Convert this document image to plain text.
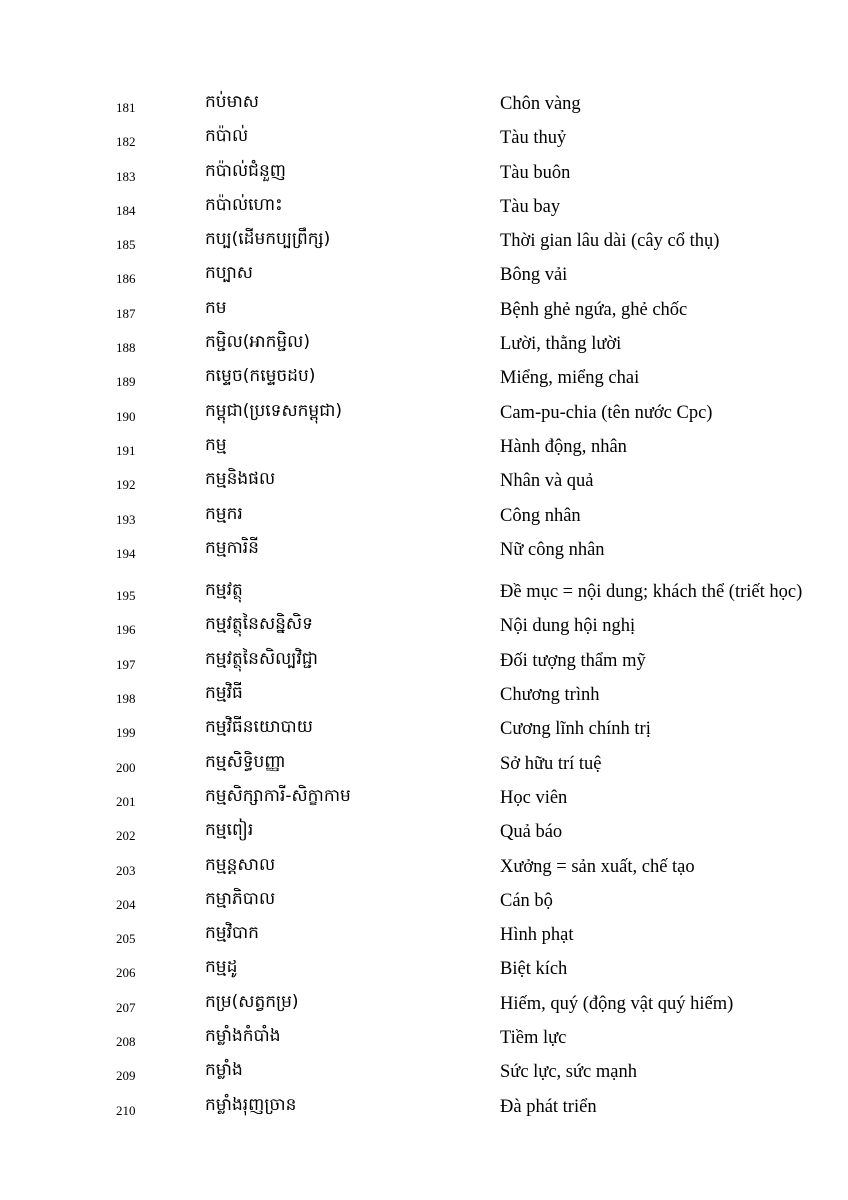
181	កប់មាស	Chôn vàng
182	កប៉ាល់	Tàu thuỷ
183	កប៉ាល់ជំនួញ	Tàu buôn
184	កប៉ាល់ហោះ	Tàu bay
185	កប្ប(ដើមកប្បព្រឹក្ស)	Thời gian lâu dài (cây cổ thụ)
186	កប្បាស	Bông vải
187	កម	Bệnh ghẻ ngứa, ghẻ chốc
188	កម្ជិល(អាកម្ជិល)	Lười, thằng lười
189	កម្ទេច(កម្ទេចដប)	Miểng, miểng chai
190	កម្ពុជា(ប្រទេសកម្ពុជា)	Cam-pu-chia (tên nước Cpc)
191	កម្ម	Hành động, nhân
192	កម្មនិងផល	Nhân và quả
193	កម្មករ	Công nhân
194	កម្មការិនី	Nữ công nhân
195	កម្មវត្ថុ	Đề mục = nội dung; khách thể (triết học)
196	កម្មវត្ថុនៃសន្និសិទ	Nội dung hội nghị
197	កម្មវត្ថុនៃសិល្បវិជ្ជា	Đối tượng thẩm mỹ
198	កម្មវិធី	Chương trình
199	កម្មវិធីនយោបាយ	Cương lĩnh chính trị
200	កម្មសិទ្ធិបញ្ញា	Sở hữu trí tuệ
201	កម្មសិក្សាការី-សិក្ខាកាម	Học viên
202	កម្មពៀរ	Quả báo
203	កម្មន្តសាល	Xưởng = sản xuất, chế tạo
204	កម្មាភិបាល	Cán bộ
205	កម្មវិបាក	Hình phạt
206	កម្មដូ	Biệt kích
207	កម្រ(សត្វកម្រ)	Hiếm, quý (động vật quý hiếm)
208	កម្លាំងកំបាំង	Tiềm lực
209	កម្លាំង	Sức lực, sức mạnh
210	កម្លាំងរុញច្រាន	Đà phát triển
